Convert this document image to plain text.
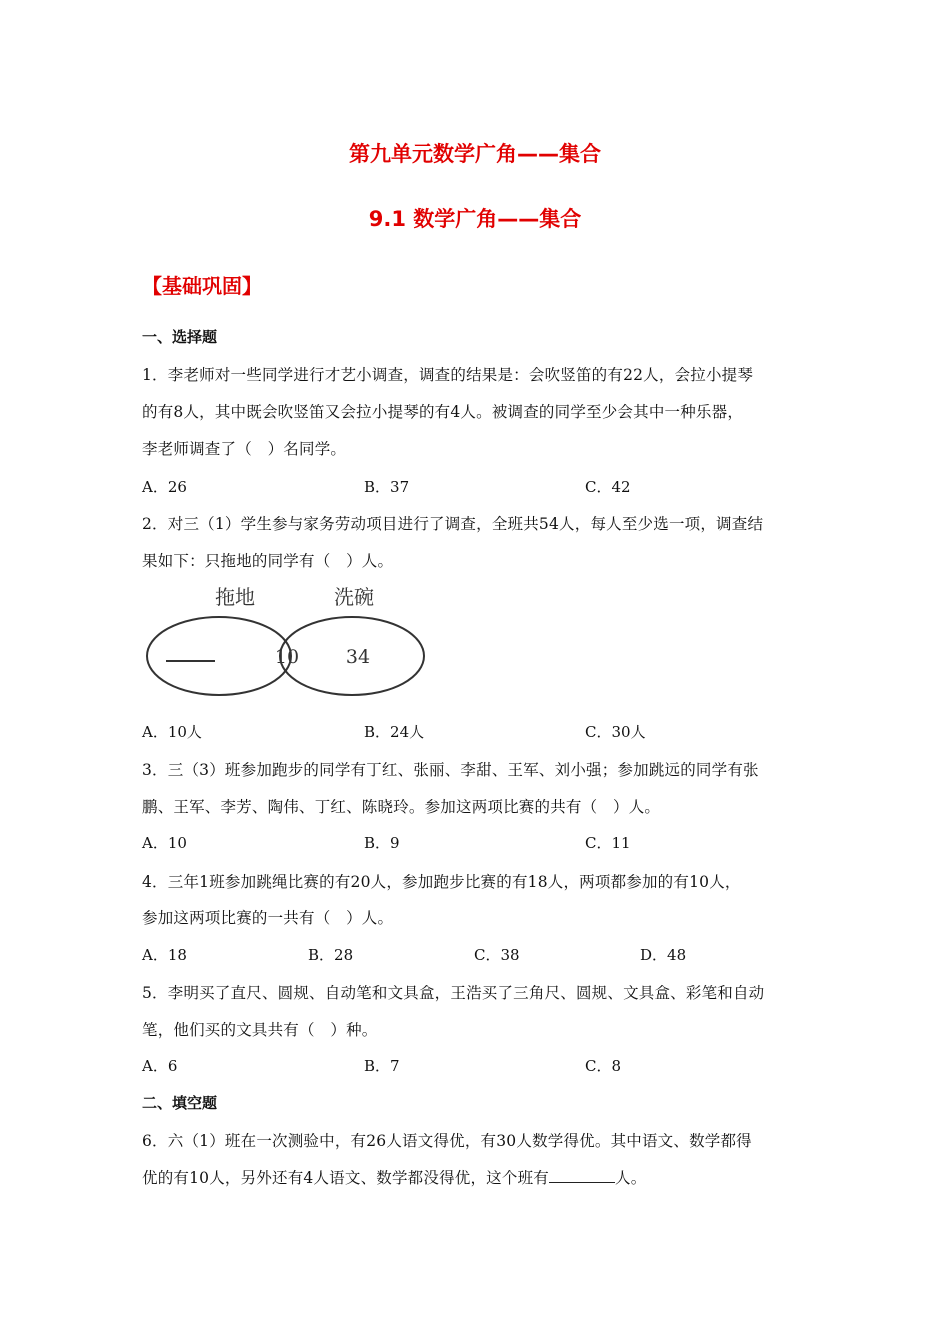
第九单元数学广角——集合
9.1 数学广角——集合
【基础巩固】
一、选择题
1．李老师对一些同学进行才艺小调查，调查的结果是：会吹竖笛的有22人，会拉小提琴
的有8人，其中既会吹竖笛又会拉小提琴的有4人。被调查的同学至少会其中一种乐器，
李老师调查了（　）名同学。
A．26	B．37	C．42
2．对三（1）学生参与家务劳动项目进行了调查，全班共54人，每人至少选一项，调查结
果如下：只拖地的同学有（　）人。
拖地	洗碗
10 34
A．10人	B．24人	C．30人
3．三（3）班参加跑步的同学有丁红、张丽、李甜、王军、刘小强；参加跳远的同学有张
鹏、王军、李芳、陶伟、丁红、陈晓玲。参加这两项比赛的共有（　）人。
A．10	B．9	C．11
4．三年1班参加跳绳比赛的有20人，参加跑步比赛的有18人，两项都参加的有10人，
参加这两项比赛的一共有（　）人。
A．18	B．28	C．38	D．48
5．李明买了直尺、圆规、自动笔和文具盒，王浩买了三角尺、圆规、文具盒、彩笔和自动
笔，他们买的文具共有（　）种。
A．6	B．7	C．8
二、填空题
6．六（1）班在一次测验中，有26人语文得优，有30人数学得优。其中语文、数学都得
优的有10人，另外还有4人语文、数学都没得优，这个班有	人。
